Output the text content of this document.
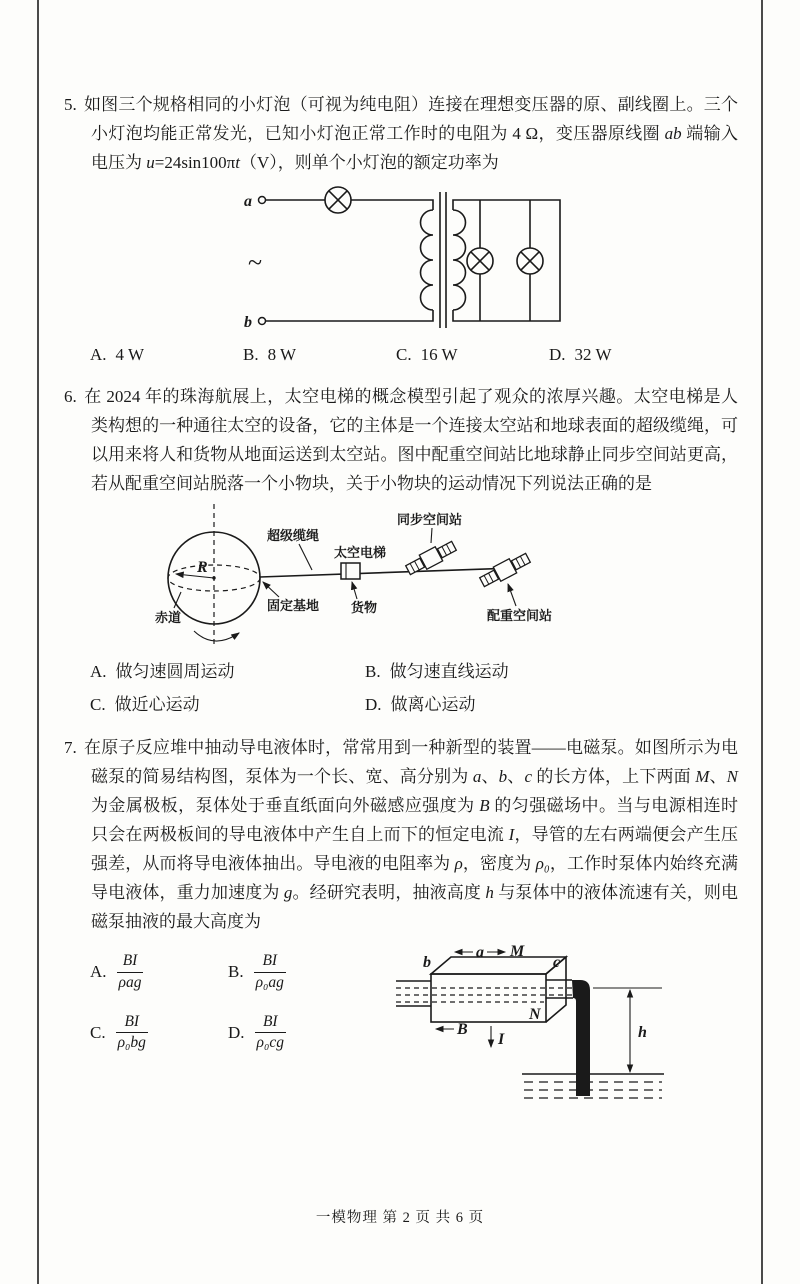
5. 如图三个规格相同的小灯泡（可视为纯电阻）连接在理想变压器的原、副线圈上。三个小灯泡均能正常发光，已知小灯泡正常工作时的电阻为 4 Ω，变压器原线圈 ab 端输入电压为 u=24sin100πt（V），则单个小灯泡的额定功率为

a
b
~
A. 4 W	B. 8 W	C. 16 W	D. 32 W

6. 在 2024 年的珠海航展上，太空电梯的概念模型引起了观众的浓厚兴趣。太空电梯是人类构想的一种通往太空的设备，它的主体是一个连接太空站和地球表面的超级缆绳，可以用来将人和货物从地面运送到太空站。图中配重空间站比地球静止同步空间站更高，若从配重空间站脱落一个小物块，关于小物块的运动情况下列说法正确的是

R
赤道
超级缆绳
固定基地
太空电梯
货物
同步空间站
配重空间站
A. 做匀速圆周运动	B. 做匀速直线运动
C. 做近心运动	D. 做离心运动

7. 在原子反应堆中抽动导电液体时，常常用到一种新型的装置——电磁泵。如图所示为电磁泵的简易结构图，泵体为一个长、宽、高分别为 a、b、c 的长方体，上下两面 M、N 为金属极板，泵体处于垂直纸面向外磁感应强度为 B 的匀强磁场中。当与电源相连时只会在两极板间的导电液体中产生自上而下的恒定电流 I，导管的左右两端便会产生压强差，从而将导电液体抽出。导电液的电阻率为 ρ，密度为 ρ₀，工作时泵体内始终充满导电液体，重力加速度为 g。经研究表明，抽液高度 h 与泵体中的液体流速有关，则电磁泵抽液的最大高度为

A. $\frac{BI}{\text{ρag}}$	B. $\frac{BI}{\text{ρ₀ag}}$
C. $\frac{BI}{\text{ρ₀bg}}$	D. $\frac{BI}{\text{ρ₀cg}}$
a M
b	c
B
I
N
h
一模物理 第 2 页 共 6 页
